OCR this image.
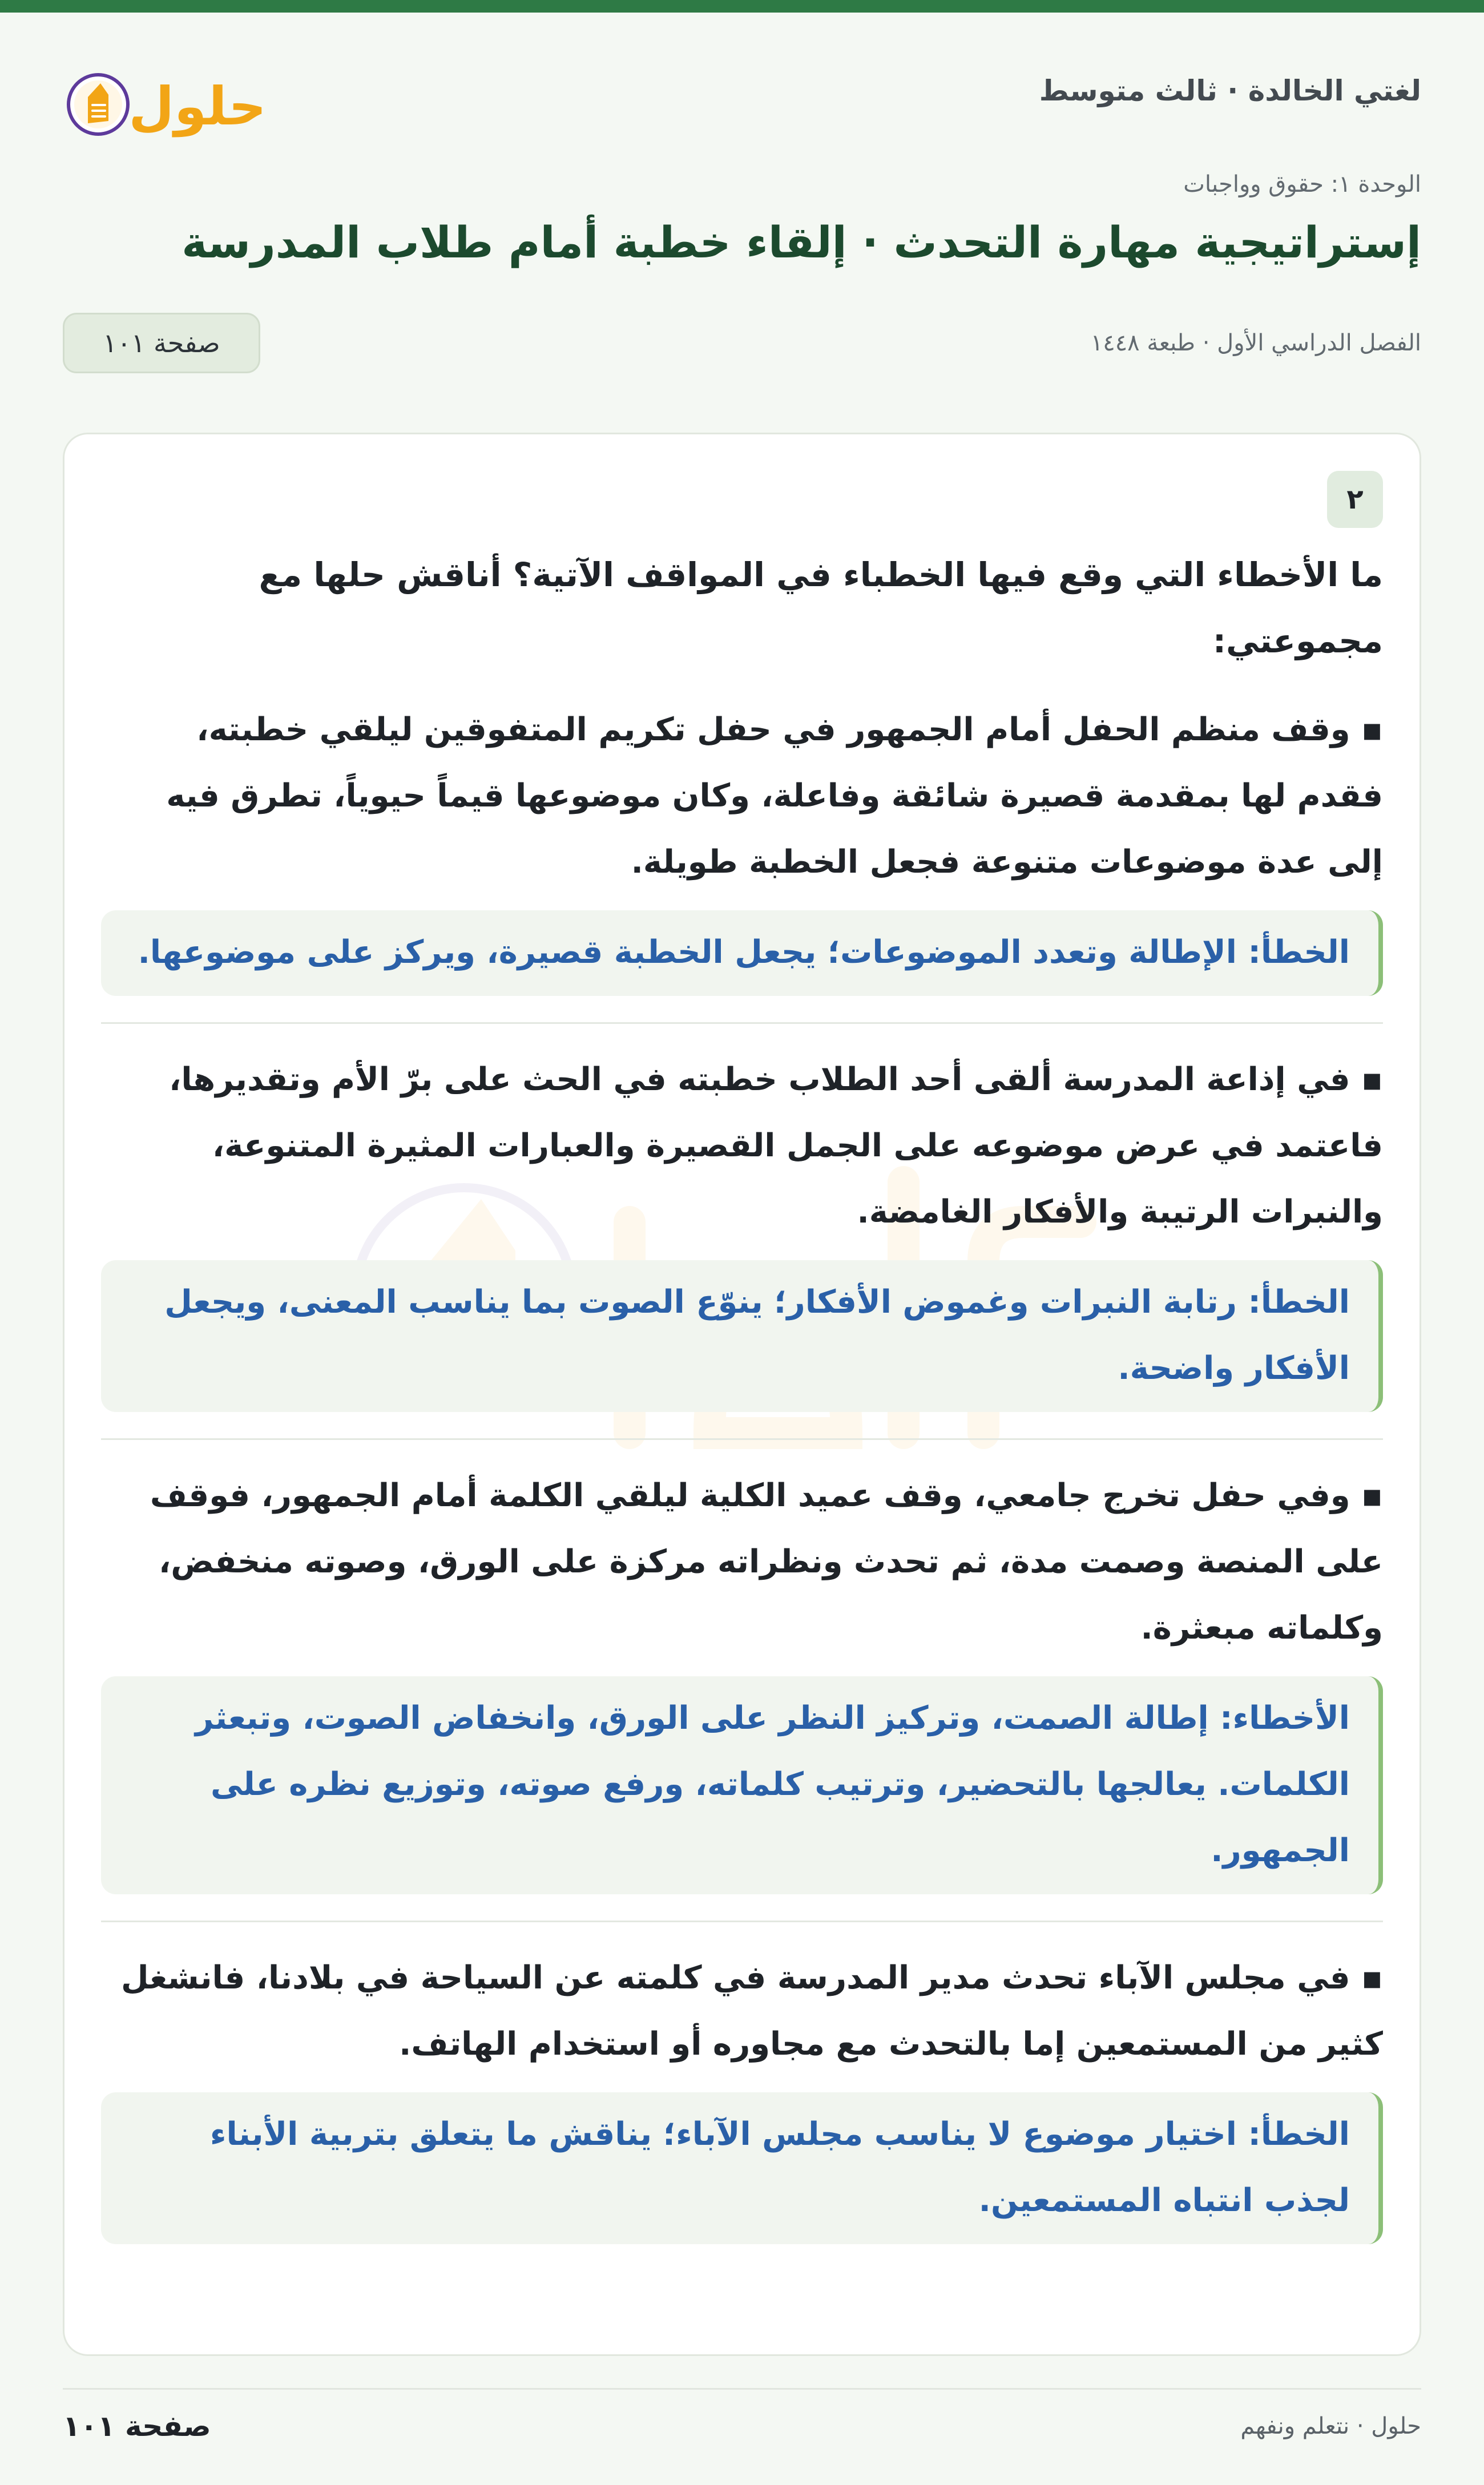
لغتي الخالدة · ثالث متوسط
حلول
الوحدة ١: حقوق وواجبات
إستراتيجية مهارة التحدث · إلقاء خطبة أمام طلاب المدرسة
الفصل الدراسي الأول · طبعة ١٤٤٨
صفحة ١٠١
٢
ما الأخطاء التي وقع فيها الخطباء في المواقف الآتية؟ أناقش حلها مع مجموعتي:
▪ وقف منظم الحفل أمام الجمهور في حفل تكريم المتفوقين ليلقي خطبته، فقدم لها بمقدمة قصيرة شائقة وفاعلة، وكان موضوعها قيماً حيوياً، تطرق فيه إلى عدة موضوعات متنوعة فجعل الخطبة طويلة.
الخطأ: الإطالة وتعدد الموضوعات؛ يجعل الخطبة قصيرة، ويركز على موضوعها.
▪ في إذاعة المدرسة ألقى أحد الطلاب خطبته في الحث على برّ الأم وتقديرها، فاعتمد في عرض موضوعه على الجمل القصيرة والعبارات المثيرة المتنوعة، والنبرات الرتيبة والأفكار الغامضة.
الخطأ: رتابة النبرات وغموض الأفكار؛ ينوّع الصوت بما يناسب المعنى، ويجعل الأفكار واضحة.
▪ وفي حفل تخرج جامعي، وقف عميد الكلية ليلقي الكلمة أمام الجمهور، فوقف على المنصة وصمت مدة، ثم تحدث ونظراته مركزة على الورق، وصوته منخفض، وكلماته مبعثرة.
الأخطاء: إطالة الصمت، وتركيز النظر على الورق، وانخفاض الصوت، وتبعثر الكلمات. يعالجها بالتحضير، وترتيب كلماته، ورفع صوته، وتوزيع نظره على الجمهور.
▪ في مجلس الآباء تحدث مدير المدرسة في كلمته عن السياحة في بلادنا، فانشغل كثير من المستمعين إما بالتحدث مع مجاوره أو استخدام الهاتف.
الخطأ: اختيار موضوع لا يناسب مجلس الآباء؛ يناقش ما يتعلق بتربية الأبناء لجذب انتباه المستمعين.
حلول · نتعلم ونفهم
صفحة ١٠١
